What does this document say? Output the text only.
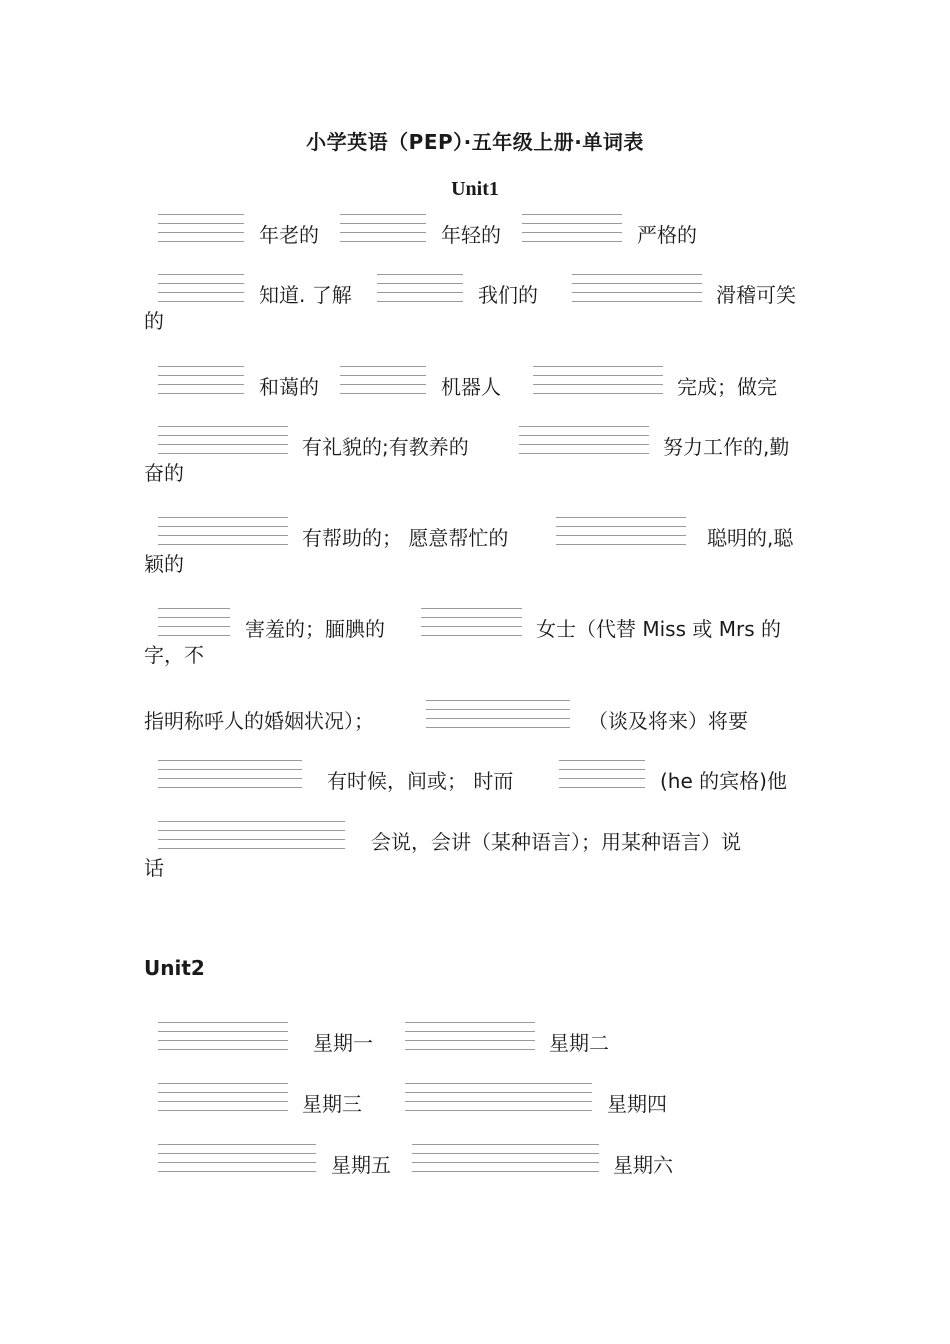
小学英语（PEP）·五年级上册·单词表
Unit1
年老的	年轻的	严格的
知道. 了解	我们的	滑稽可笑
的
和蔼的	机器人	完成；做完
有礼貌的;有教养的	努力工作的,勤
奋的
有帮助的； 愿意帮忙的	聪明的,聪
颖的
害羞的；腼腆的	女士（代替 Miss 或 Mrs 的
字，不
指明称呼人的婚姻状况）；	（谈及将来）将要
有时候，间或； 时而	(he 的宾格)他
会说，会讲（某种语言）；用某种语言）说
话
Unit2
星期一	星期二
星期三	星期四
星期五	星期六
